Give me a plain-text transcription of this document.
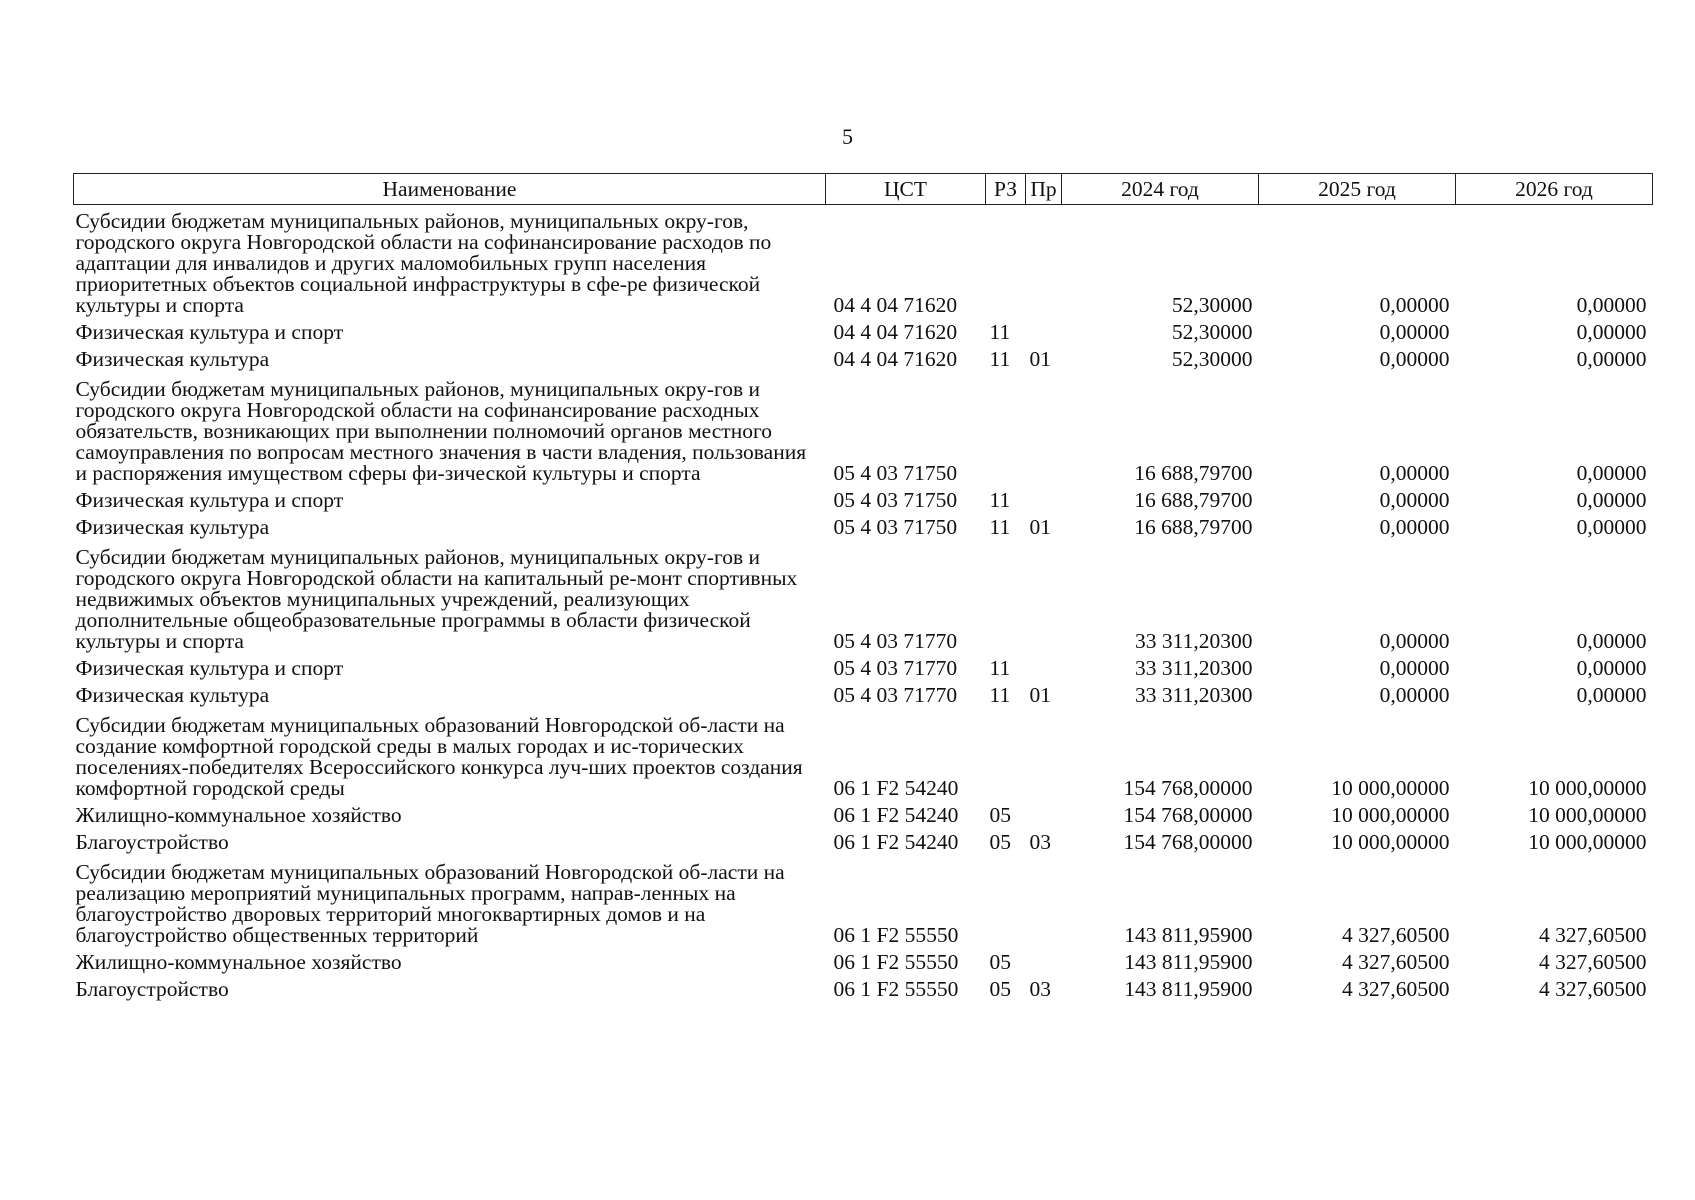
5
Наименование	ЦСТ	РЗ	Пр	2024 год	2025 год	2026 год
Субсидии бюджетам муниципальных районов, муниципальных окру-гов, городского округа Новгородской области на софинансирование расходов по адаптации для инвалидов и других маломобильных групп населения приоритетных объектов социальной инфраструктуры в сфе-ре физической культуры и спорта	04 4 04 71620			52,30000	0,00000	0,00000
Физическая культура и спорт	04 4 04 71620	11		52,30000	0,00000	0,00000
Физическая культура	04 4 04 71620	11	01	52,30000	0,00000	0,00000
Субсидии бюджетам муниципальных районов, муниципальных окру-гов и городского округа Новгородской области на софинансирование расходных обязательств, возникающих при выполнении полномочий органов местного самоуправления по вопросам местного значения в части владения, пользования и распоряжения имуществом сферы фи-зической культуры и спорта	05 4 03 71750			16 688,79700	0,00000	0,00000
Физическая культура и спорт	05 4 03 71750	11		16 688,79700	0,00000	0,00000
Физическая культура	05 4 03 71750	11	01	16 688,79700	0,00000	0,00000
Субсидии бюджетам муниципальных районов, муниципальных окру-гов и городского округа Новгородской области на капитальный ре-монт спортивных недвижимых объектов муниципальных учреждений, реализующих дополнительные общеобразовательные программы в области физической культуры и спорта	05 4 03 71770			33 311,20300	0,00000	0,00000
Физическая культура и спорт	05 4 03 71770	11		33 311,20300	0,00000	0,00000
Физическая культура	05 4 03 71770	11	01	33 311,20300	0,00000	0,00000
Субсидии бюджетам муниципальных образований Новгородской об-ласти на создание комфортной городской среды в малых городах и ис-торических поселениях-победителях Всероссийского конкурса луч-ших проектов создания комфортной городской среды	06 1 F2 54240			154 768,00000	10 000,00000	10 000,00000
Жилищно-коммунальное хозяйство	06 1 F2 54240	05		154 768,00000	10 000,00000	10 000,00000
Благоустройство	06 1 F2 54240	05	03	154 768,00000	10 000,00000	10 000,00000
Субсидии бюджетам муниципальных образований Новгородской об-ласти на реализацию мероприятий муниципальных программ, направ-ленных на благоустройство дворовых территорий многоквартирных домов и на благоустройство общественных территорий	06 1 F2 55550			143 811,95900	4 327,60500	4 327,60500
Жилищно-коммунальное хозяйство	06 1 F2 55550	05		143 811,95900	4 327,60500	4 327,60500
Благоустройство	06 1 F2 55550	05	03	143 811,95900	4 327,60500	4 327,60500
